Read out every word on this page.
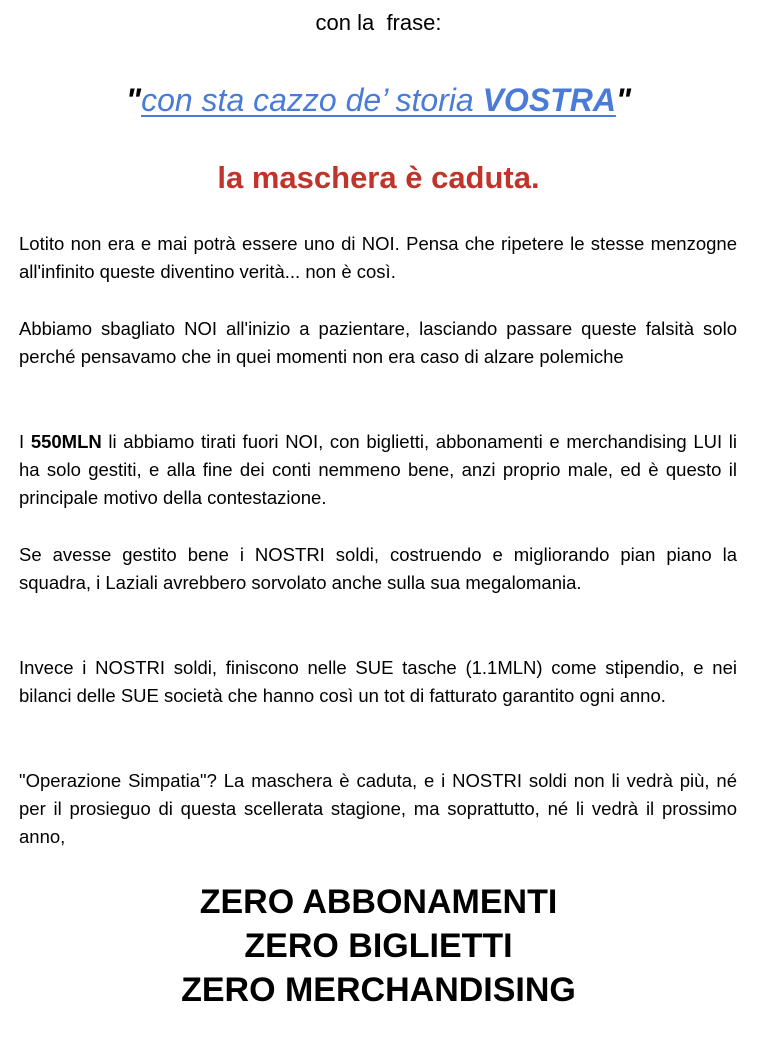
con la  frase:
"con sta cazzo de’ storia VOSTRA"
la maschera è caduta.

Lotito non era e mai potrà essere uno di NOI. Pensa che ripetere le stesse menzogne all'infinito queste diventino verità... non è così.

Abbiamo sbagliato NOI all'inizio a pazientare, lasciando passare queste falsità solo perché pensavamo che in quei momenti non era caso di alzare polemiche

I 550MLN li abbiamo tirati fuori NOI, con biglietti, abbonamenti e merchandising LUI li ha solo gestiti, e alla fine dei conti nemmeno bene, anzi proprio male, ed è questo il principale motivo della contestazione.

Se avesse gestito bene i NOSTRI soldi, costruendo e migliorando pian piano la squadra, i Laziali avrebbero sorvolato anche sulla sua megalomania.

Invece i NOSTRI soldi, finiscono nelle SUE tasche (1.1MLN) come stipendio, e nei bilanci delle SUE società che hanno così un tot di fatturato garantito ogni anno.

"Operazione Simpatia"? La maschera è caduta, e i NOSTRI soldi non li vedrà più, né per il prosieguo di questa scellerata stagione, ma soprattutto, né li vedrà il prossimo anno,

ZERO ABBONAMENTI
ZERO BIGLIETTI
ZERO MERCHANDISING
